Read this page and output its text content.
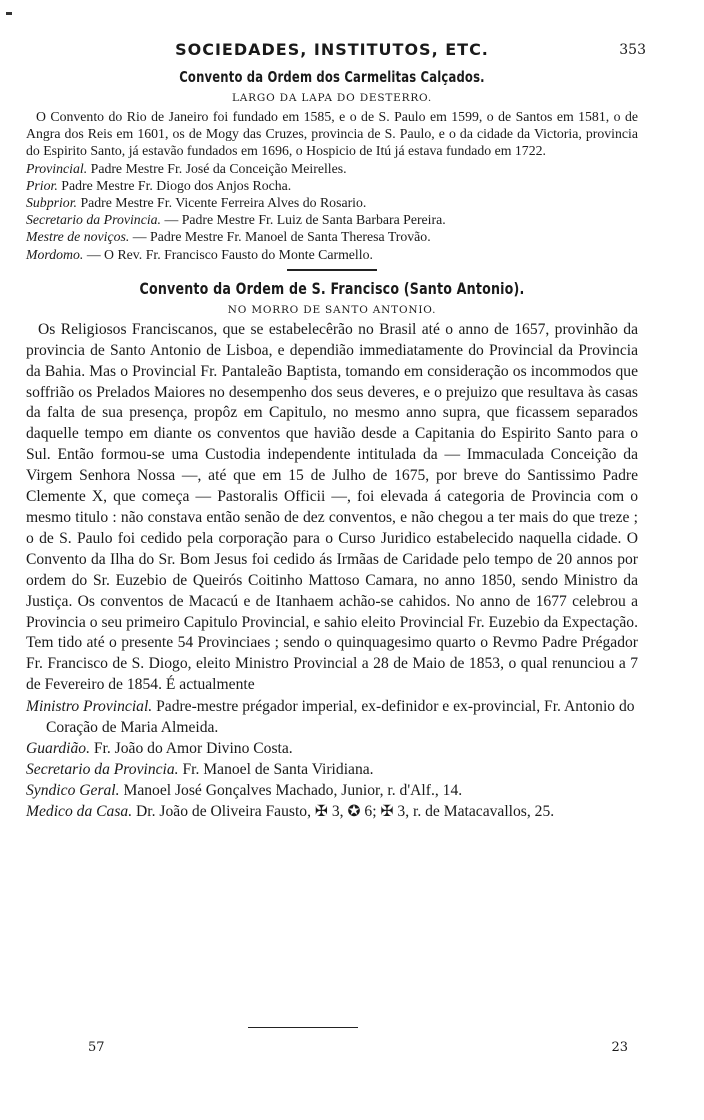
SOCIEDADES, INSTITUTOS, ETC.	353
Convento da Ordem dos Carmelitas Calçados.
LARGO DA LAPA DO DESTERRO.

O Convento do Rio de Janeiro foi fundado em 1585, e o de S. Paulo em 1599, o de Santos em 1581, o de Angra dos Reis em 1601, os de Mogy das Cruzes, provincia de S. Paulo, e o da cidade da Victoria, provincia do Espirito Santo, já estavão fundados em 1696, o Hospicio de Itú já estava fundado em 1722.

Provincial. Padre Mestre Fr. José da Conceição Meirelles.
Prior. Padre Mestre Fr. Diogo dos Anjos Rocha.
Subprior. Padre Mestre Fr. Vicente Ferreira Alves do Rosario.
Secretario da Provincia. — Padre Mestre Fr. Luiz de Santa Barbara Pereira.
Mestre de noviços. — Padre Mestre Fr. Manoel de Santa Theresa Trovão.
Mordomo. — O Rev. Fr. Francisco Fausto do Monte Carmello.
Convento da Ordem de S. Francisco (Santo Antonio).
NO MORRO DE SANTO ANTONIO.

Os Religiosos Franciscanos, que se estabelecêrão no Brasil até o anno de 1657, provinhão da provincia de Santo Antonio de Lisboa, e dependião immediatamente do Provincial da Provincia da Bahia. Mas o Provincial Fr. Pantaleão Baptista, tomando em consideração os incommodos que soffrião os Prelados Maiores no desempenho dos seus deveres, e o prejuizo que resultava às casas da falta de sua presença, propôz em Capitulo, no mesmo anno supra, que ficassem separados daquelle tempo em diante os conventos que havião desde a Capitania do Espirito Santo para o Sul. Então formou-se uma Custodia independente intitulada da — Immaculada Conceição da Virgem Senhora Nossa —, até que em 15 de Julho de 1675, por breve do Santissimo Padre Clemente X, que começa — Pastoralis Officii —, foi elevada á categoria de Provincia com o mesmo titulo : não constava então senão de dez conventos, e não chegou a ter mais do que treze ; o de S. Paulo foi cedido pela corporação para o Curso Juridico estabelecido naquella cidade. O Convento da Ilha do Sr. Bom Jesus foi cedido ás Irmãas de Caridade pelo tempo de 20 annos por ordem do Sr. Euzebio de Queirós Coitinho Mattoso Camara, no anno 1850, sendo Ministro da Justiça. Os conventos de Macacú e de Itanhaem achão-se cahidos. No anno de 1677 celebrou a Provincia o seu primeiro Capitulo Provincial, e sahio eleito Provincial Fr. Euzebio da Expectação. Tem tido até o presente 54 Provinciaes ; sendo o quinquagesimo quarto o Revmo Padre Prégador Fr. Francisco de S. Diogo, eleito Ministro Provincial a 28 de Maio de 1853, o qual renunciou a 7 de Fevereiro de 1854. É actualmente

Ministro Provincial. Padre-mestre prégador imperial, ex-definidor e ex-provincial, Fr. Antonio do Coração de Maria Almeida.
Guardião. Fr. João do Amor Divino Costa.
Secretario da Provincia. Fr. Manoel de Santa Viridiana.
Syndico Geral. Manoel José Gonçalves Machado, Junior, r. d'Alf., 14.
Medico da Casa. Dr. João de Oliveira Fausto, ✠ 3, ✪ 6; ✠ 3, r. de Matacavallos, 25.
57	23
